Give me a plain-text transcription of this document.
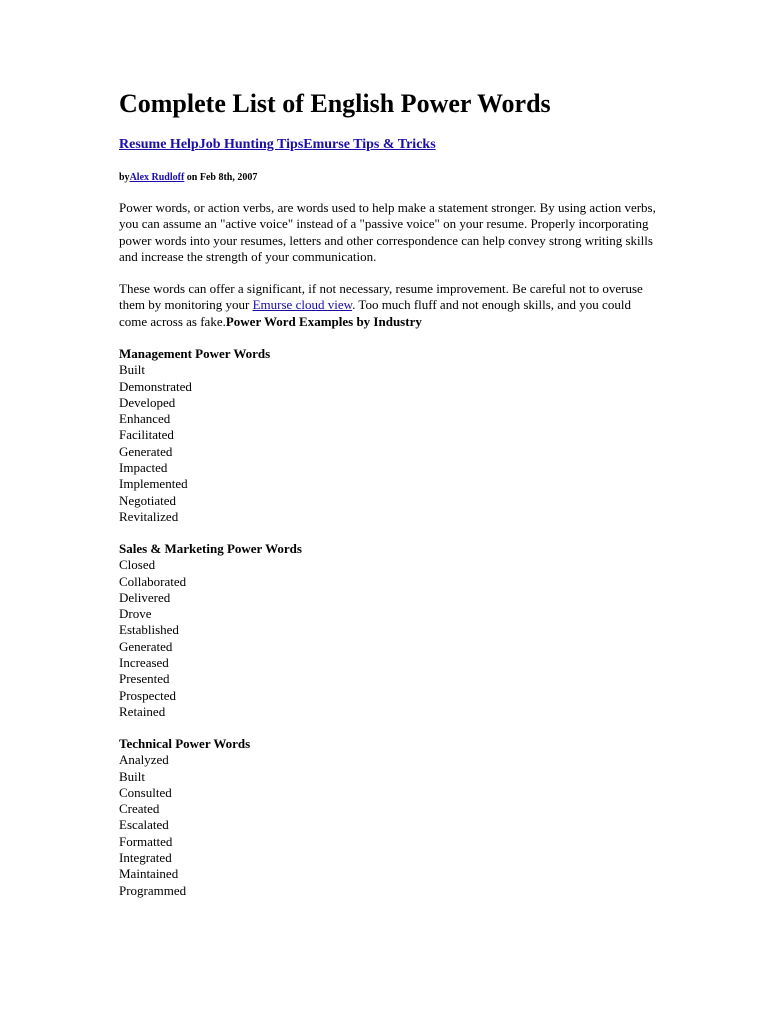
Complete List of English Power Words
Resume HelpJob Hunting TipsEmurse Tips & Tricks
byAlex Rudloff on Feb 8th, 2007

Power words, or action verbs, are words used to help make a statement stronger. By using action verbs, you can assume an "active voice" instead of a "passive voice" on your resume. Properly incorporating power words into your resumes, letters and other correspondence can help convey strong writing skills and increase the strength of your communication.

These words can offer a significant, if not necessary, resume improvement. Be careful not to overuse them by monitoring your Emurse cloud view. Too much fluff and not enough skills, and you could come across as fake.Power Word Examples by Industry

Management Power Words
Built
Demonstrated
Developed
Enhanced
Facilitated
Generated
Impacted
Implemented
Negotiated
Revitalized
Sales & Marketing Power Words
Closed
Collaborated
Delivered
Drove
Established
Generated
Increased
Presented
Prospected
Retained
Technical Power Words
Analyzed
Built
Consulted
Created
Escalated
Formatted
Integrated
Maintained
Programmed
